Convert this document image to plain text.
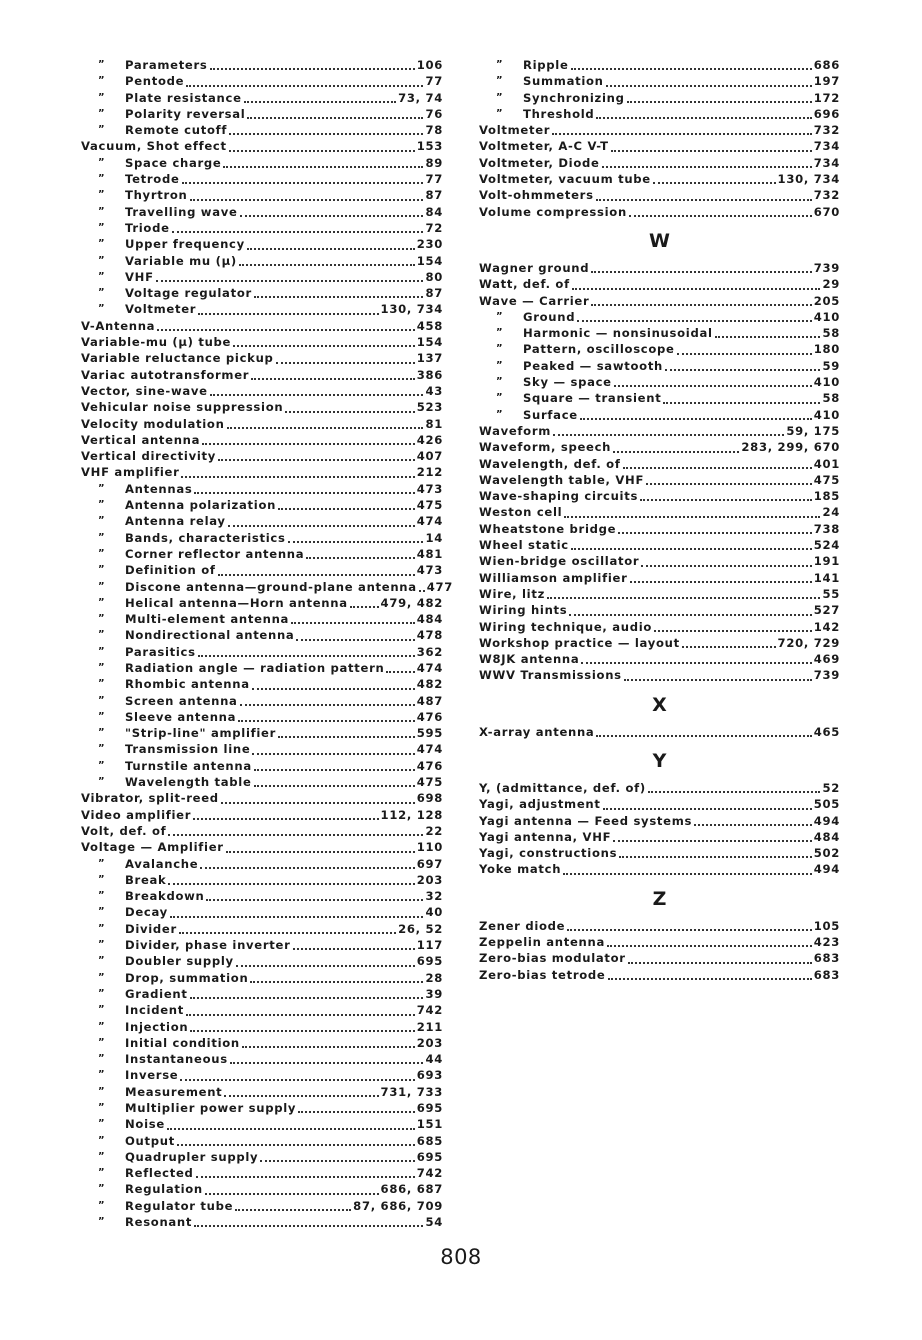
” Parameters	106
” Pentode	77
” Plate resistance	73, 74
” Polarity reversal	76
” Remote cutoff	78
Vacuum, Shot effect	153
” Space charge	89
” Tetrode	77
” Thyrtron	87
” Travelling wave	84
” Triode	72
” Upper frequency	230
” Variable mu (µ)	154
” VHF	80
” Voltage regulator	87
” Voltmeter	130, 734
V-Antenna	458
Variable-mu (µ) tube	154
Variable reluctance pickup	137
Variac autotransformer	386
Vector, sine-wave	43
Vehicular noise suppression	523
Velocity modulation	81
Vertical antenna	426
Vertical directivity	407
VHF amplifier	212
” Antennas	473
” Antenna polarization	475
” Antenna relay	474
” Bands, characteristics	14
” Corner reflector antenna	481
” Definition of	473
” Discone antenna—ground-plane antenna 477
” Helical antenna—Horn antenna	479, 482
” Multi-element antenna	484
” Nondirectional antenna	478
” Parasitics	362
” Radiation angle — radiation pattern	474
” Rhombic antenna	482
” Screen antenna	487
” Sleeve antenna	476
” "Strip-line" amplifier	595
” Transmission line	474
” Turnstile antenna	476
” Wavelength table	475
Vibrator, split-reed	698
Video amplifier	112, 128
Volt, def. of	22
Voltage — Amplifier	110
” Avalanche	697
” Break	203
” Breakdown	32
” Decay	40
” Divider	26, 52
” Divider, phase inverter	117
” Doubler supply	695
” Drop, summation	28
” Gradient	39
” Incident	742
” Injection	211
” Initial condition	203
” Instantaneous	44
” Inverse	693
” Measurement	731, 733
” Multiplier power supply	695
” Noise	151
” Output	685
” Quadrupler supply	695
” Reflected	742
” Regulation	686, 687
” Regulator tube	87, 686, 709
” Resonant	54
” Ripple	686
” Summation	197
” Synchronizing	172
” Threshold	696
Voltmeter	732
Voltmeter, A-C V-T	734
Voltmeter, Diode	734
Voltmeter, vacuum tube	130, 734
Volt-ohmmeters	732
Volume compression	670
W
Wagner ground	739
Watt, def. of	29
Wave — Carrier	205
” Ground	410
” Harmonic — nonsinusoidal	58
” Pattern, oscilloscope	180
” Peaked — sawtooth	59
” Sky — space	410
” Square — transient	58
” Surface	410
Waveform	59, 175
Waveform, speech	283, 299, 670
Wavelength, def. of	401
Wavelength table, VHF	475
Wave-shaping circuits	185
Weston cell	24
Wheatstone bridge	738
Wheel static	524
Wien-bridge oscillator	191
Williamson amplifier	141
Wire, litz	55
Wiring hints	527
Wiring technique, audio	142
Workshop practice — layout	720, 729
W8JK antenna	469
WWV Transmissions	739
X
X-array antenna	465
Y
Y, (admittance, def. of)	52
Yagi, adjustment	505
Yagi antenna — Feed systems	494
Yagi antenna, VHF	484
Yagi, constructions	502
Yoke match	494
Z
Zener diode	105
Zeppelin antenna	423
Zero-bias modulator	683
Zero-bias tetrode	683
808
